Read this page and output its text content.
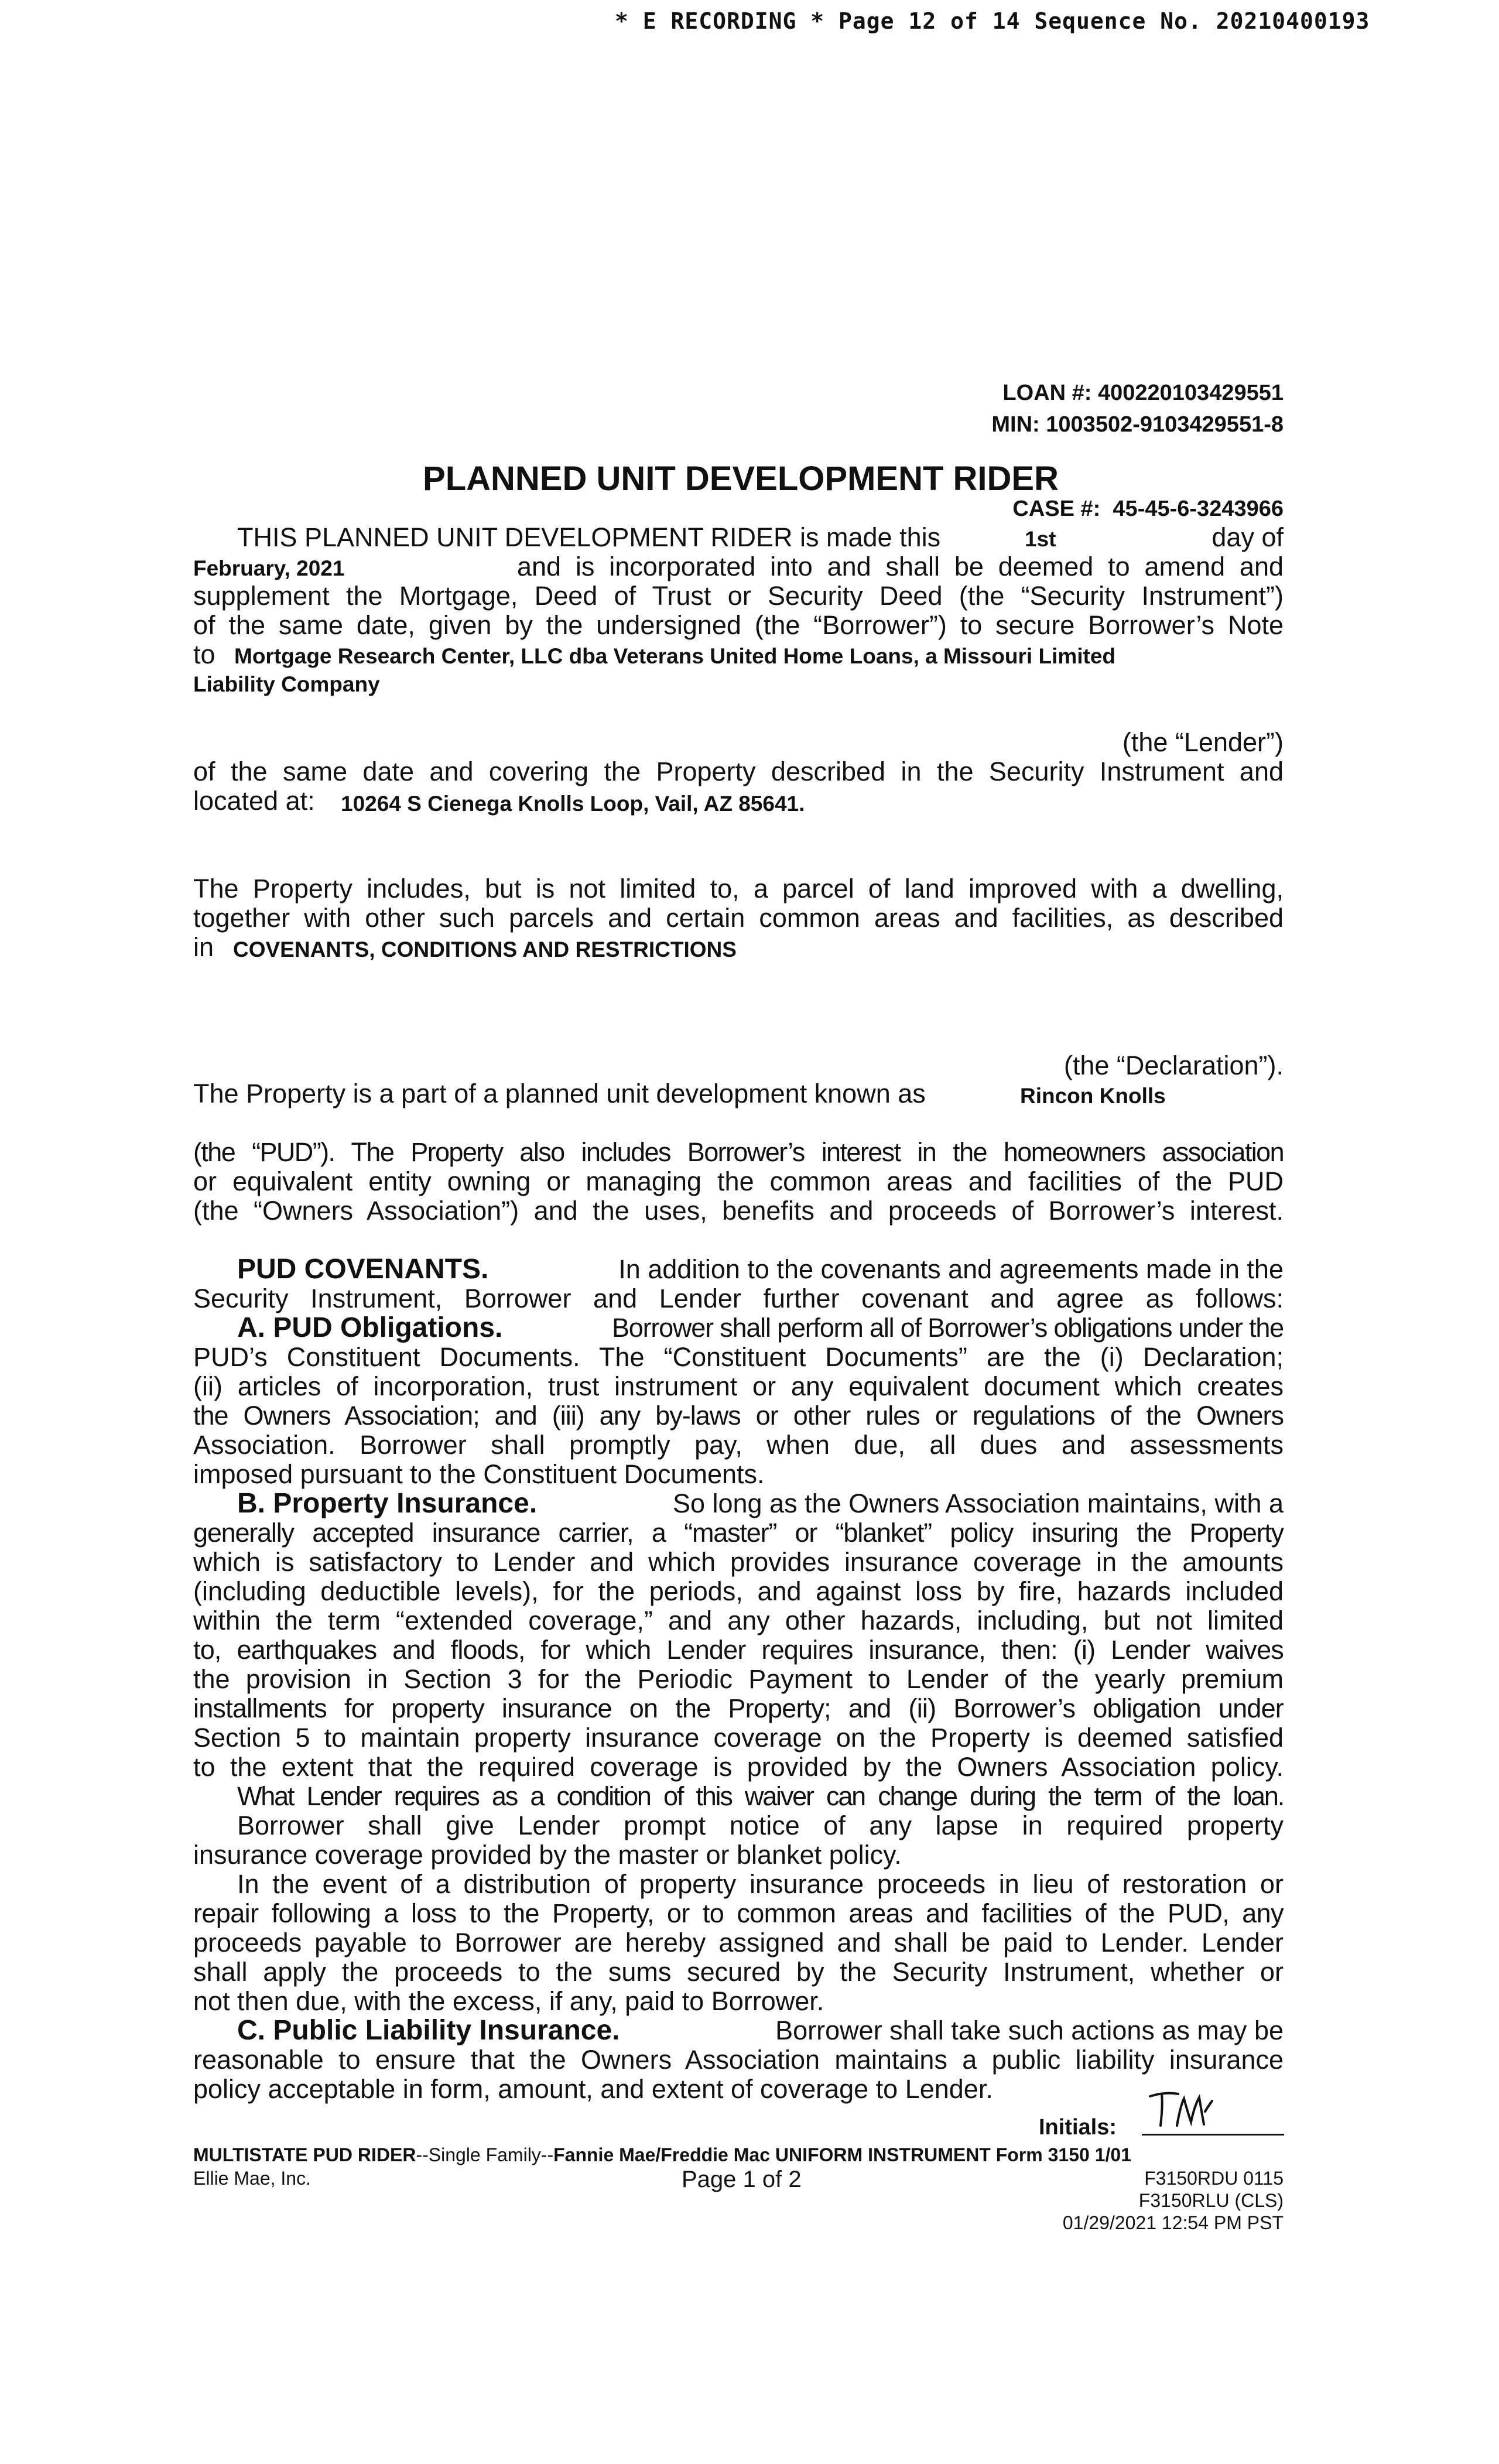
* E RECORDING * Page 12 of 14 Sequence No. 20210400193
LOAN #: 400220103429551
MIN: 1003502-9103429551-8
PLANNED UNIT DEVELOPMENT RIDER
CASE #: 45-45-6-3243966
THIS PLANNED UNIT DEVELOPMENT RIDER is made this	1st	day of
February, 2021	and is incorporated into and shall be deemed to amend and
supplement the Mortgage, Deed of Trust or Security Deed (the “Security Instrument”)
of the same date, given by the undersigned (the “Borrower”) to secure Borrower’s Note
to Mortgage Research Center, LLC dba Veterans United Home Loans, a Missouri Limited
Liability Company
(the “Lender”)
of the same date and covering the Property described in the Security Instrument and
located at: 10264 S Cienega Knolls Loop, Vail, AZ 85641.
The Property includes, but is not limited to, a parcel of land improved with a dwelling,
together with other such parcels and certain common areas and facilities, as described
in COVENANTS, CONDITIONS AND RESTRICTIONS
(the “Declaration”).
The Property is a part of a planned unit development known as	Rincon Knolls
(the “PUD”). The Property also includes Borrower’s interest in the homeowners association
or equivalent entity owning or managing the common areas and facilities of the PUD
(the “Owners Association”) and the uses, benefits and proceeds of Borrower’s interest.
PUD COVENANTS.	In addition to the covenants and agreements made in the
Security Instrument, Borrower and Lender further covenant and agree as follows:
A. PUD Obligations.	Borrower shall perform all of Borrower’s obligations under the
PUD’s Constituent Documents. The “Constituent Documents” are the (i) Declaration;
(ii) articles of incorporation, trust instrument or any equivalent document which creates
the Owners Association; and (iii) any by-laws or other rules or regulations of the Owners
Association. Borrower shall promptly pay, when due, all dues and assessments
imposed pursuant to the Constituent Documents.
B. Property Insurance.	So long as the Owners Association maintains, with a
generally accepted insurance carrier, a “master” or “blanket” policy insuring the Property
which is satisfactory to Lender and which provides insurance coverage in the amounts
(including deductible levels), for the periods, and against loss by fire, hazards included
within the term “extended coverage,” and any other hazards, including, but not limited
to, earthquakes and floods, for which Lender requires insurance, then: (i) Lender waives
the provision in Section 3 for the Periodic Payment to Lender of the yearly premium
installments for property insurance on the Property; and (ii) Borrower’s obligation under
Section 5 to maintain property insurance coverage on the Property is deemed satisfied
to the extent that the required coverage is provided by the Owners Association policy.
What Lender requires as a condition of this waiver can change during the term of the loan.
Borrower shall give Lender prompt notice of any lapse in required property
insurance coverage provided by the master or blanket policy.
In the event of a distribution of property insurance proceeds in lieu of restoration or
repair following a loss to the Property, or to common areas and facilities of the PUD, any
proceeds payable to Borrower are hereby assigned and shall be paid to Lender. Lender
shall apply the proceeds to the sums secured by the Security Instrument, whether or
not then due, with the excess, if any, paid to Borrower.
C. Public Liability Insurance.	Borrower shall take such actions as may be
reasonable to ensure that the Owners Association maintains a public liability insurance
policy acceptable in form, amount, and extent of coverage to Lender.
Initials:
MULTISTATE PUD RIDER--Single Family--Fannie Mae/Freddie Mac UNIFORM INSTRUMENT Form 3150 1/01
Ellie Mae, Inc.	Page 1 of 2	F3150RDU 0115
F3150RLU (CLS)
01/29/2021 12:54 PM PST
